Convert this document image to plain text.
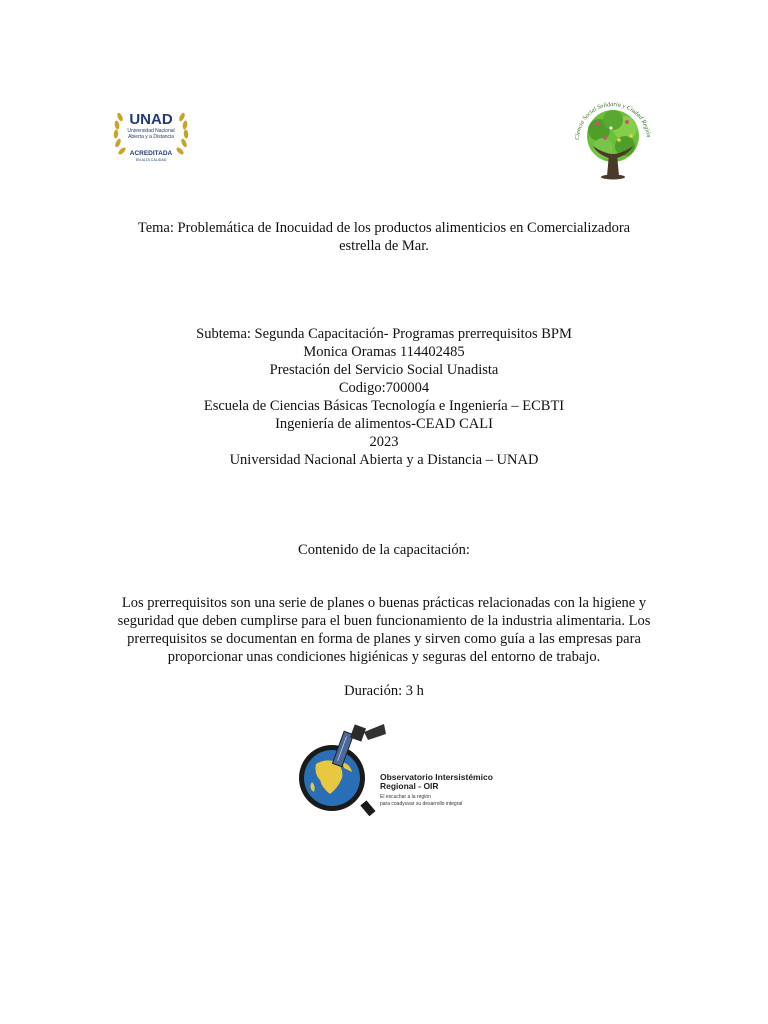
UNAD
Universidad Nacional
Abierta y a Distancia
ACREDITADA
EN ALTA CALIDAD
Ciencia Social Solidaria y Ciudad Región

Tema: Problemática de Inocuidad de los productos alimenticios en Comercializadora

estrella de Mar.

Subtema: Segunda Capacitación- Programas prerrequisitos BPM

Monica Oramas 114402485

Prestación del Servicio Social Unadista

Codigo:700004

Escuela de Ciencias Básicas Tecnología e Ingeniería – ECBTI

Ingeniería de alimentos-CEAD CALI

2023

Universidad Nacional Abierta y a Distancia – UNAD

Contenido de la capacitación:

Los prerrequisitos son una serie de planes o buenas prácticas relacionadas con la higiene y

seguridad que deben cumplirse para el buen funcionamiento de la industria alimentaria. Los

prerrequisitos se documentan en forma de planes y sirven como guía a las empresas para

proporcionar unas condiciones higiénicas y seguras del entorno de trabajo.

Duración: 3 h

Observatorio Intersistémico
Regional - OIR
El escuchar a la región
para coadyuvar su desarrollo integral
